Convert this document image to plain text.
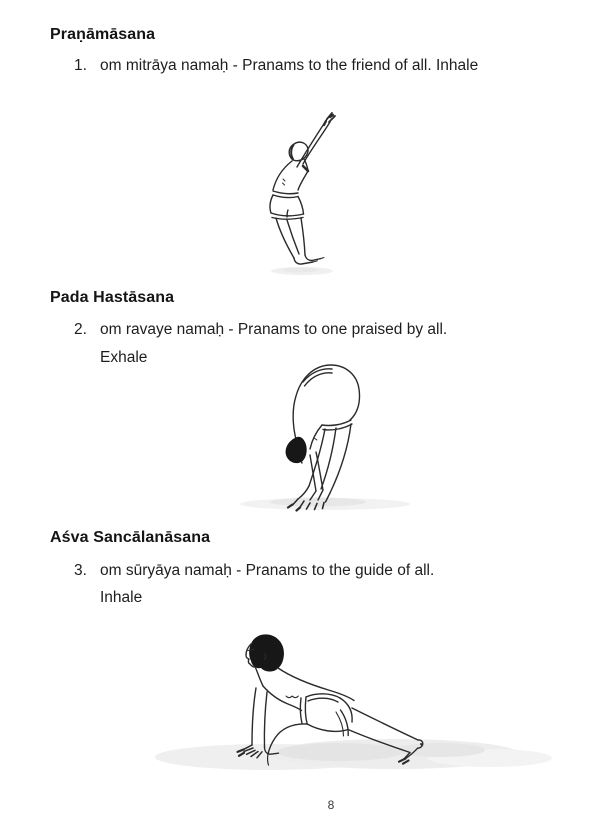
Praṇāmāsana
1. om mitrāya namaḥ - Pranams to the friend of all. Inhale
Pada Hastāsana
2. om ravaye namaḥ - Pranams to one praised by all.
Exhale
Aśva Sancālanāsana
3. om sūryāya namaḥ - Pranams to the guide of all.
Inhale
8
